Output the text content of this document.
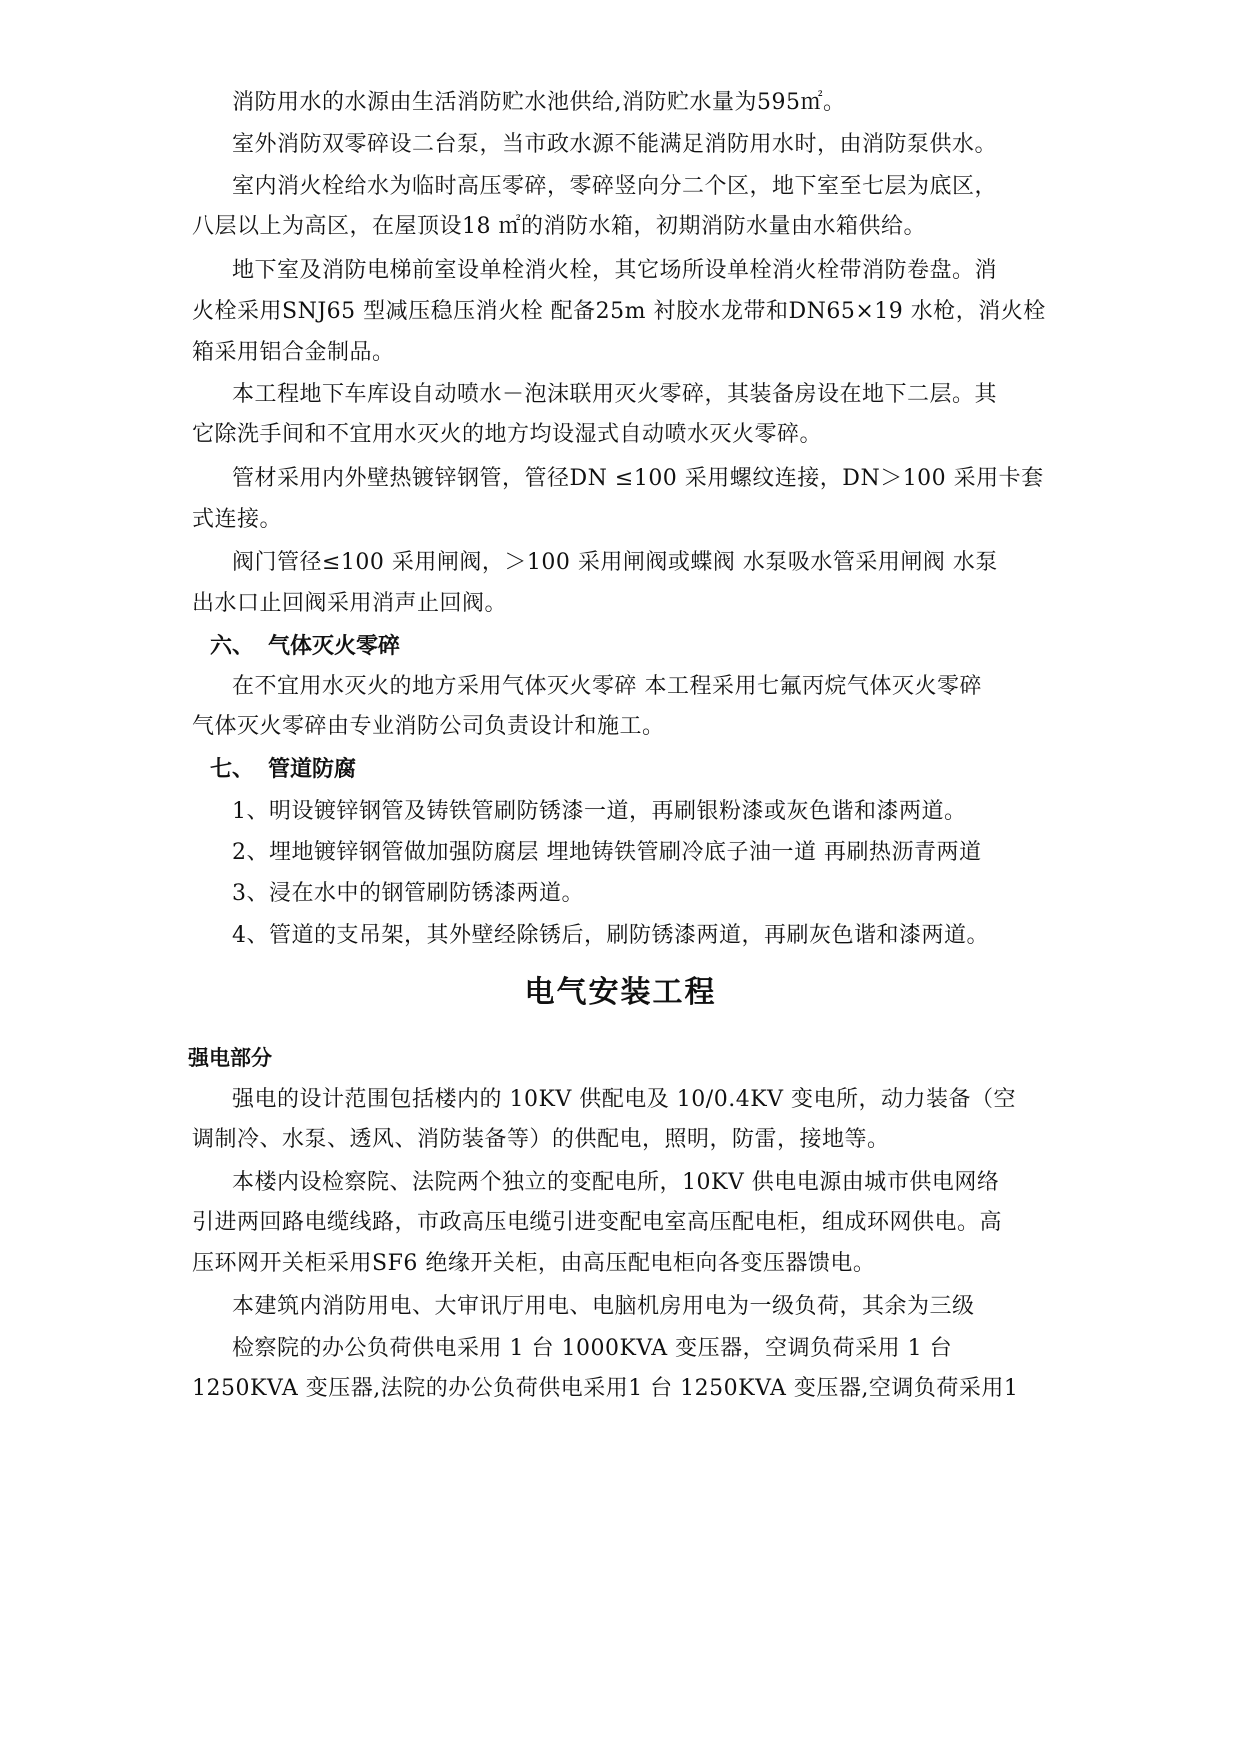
消防用水的水源由生活消防贮水池供给,消防贮水量为595㎡。
室外消防双零碎设二台泵，当市政水源不能满足消防用水时，由消防泵供水。
室内消火栓给水为临时高压零碎，零碎竖向分二个区，地下室至七层为底区，
八层以上为高区，在屋顶设18 ㎡的消防水箱，初期消防水量由水箱供给。
地下室及消防电梯前室设单栓消火栓，其它场所设单栓消火栓带消防卷盘。消
火栓采用SNJ65 型减压稳压消火栓 配备25m 衬胶水龙带和DN65×19 水枪，消火栓
箱采用铝合金制品。
本工程地下车库设自动喷水－泡沫联用灭火零碎，其装备房设在地下二层。其
它除洗手间和不宜用水灭火的地方均设湿式自动喷水灭火零碎。
管材采用内外壁热镀锌钢管，管径DN ≤100 采用螺纹连接，DN＞100 采用卡套
式连接。
阀门管径≤100 采用闸阀，＞100 采用闸阀或蝶阀 水泵吸水管采用闸阀 水泵
出水口止回阀采用消声止回阀。
六、 气体灭火零碎
在不宜用水灭火的地方采用气体灭火零碎 本工程采用七氟丙烷气体灭火零碎
气体灭火零碎由专业消防公司负责设计和施工。
七、 管道防腐
1、明设镀锌钢管及铸铁管刷防锈漆一道，再刷银粉漆或灰色谐和漆两道。
2、埋地镀锌钢管做加强防腐层 埋地铸铁管刷冷底子油一道 再刷热沥青两道
3、浸在水中的钢管刷防锈漆两道。
4、管道的支吊架，其外壁经除锈后，刷防锈漆两道，再刷灰色谐和漆两道。
电气安装工程
强电部分
强电的设计范围包括楼内的 10KV 供配电及 10/0.4KV 变电所，动力装备（空
调制冷、水泵、透风、消防装备等）的供配电，照明，防雷，接地等。
本楼内设检察院、法院两个独立的变配电所，10KV 供电电源由城市供电网络
引进两回路电缆线路，市政高压电缆引进变配电室高压配电柜，组成环网供电。高
压环网开关柜采用SF6 绝缘开关柜，由高压配电柜向各变压器馈电。
本建筑内消防用电、大审讯厅用电、电脑机房用电为一级负荷，其余为三级
检察院的办公负荷供电采用 1 台 1000KVA 变压器，空调负荷采用 1 台
1250KVA 变压器,法院的办公负荷供电采用1 台 1250KVA 变压器,空调负荷采用1
